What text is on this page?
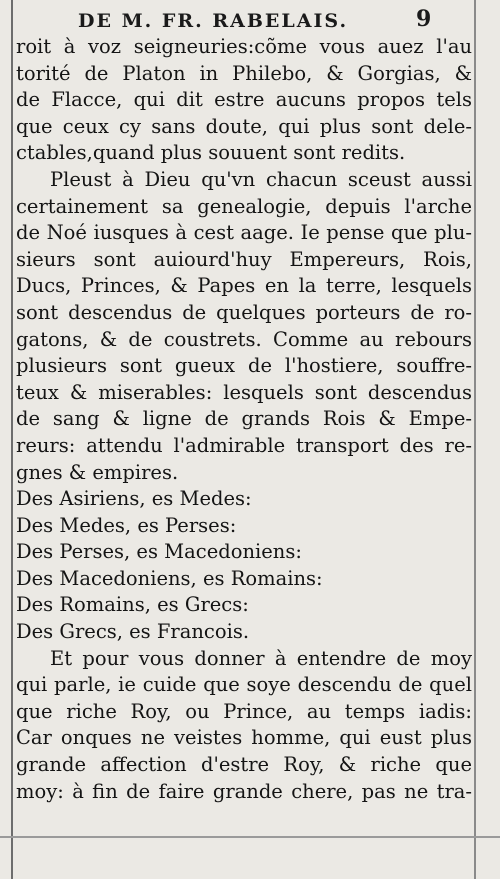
DE M. FR. RABELAIS.	9
roit à voz seigneuries:cõme vous auez l'au
torité de Platon in Philebo, & Gorgias, &
de Flacce, qui dit estre aucuns propos tels
que ceux cy sans doute, qui plus sont dele-
ctables,quand plus souuent sont redits.
Pleust à Dieu qu'vn chacun sceust aussi
certainement sa genealogie, depuis l'arche
de Noé iusques à cest aage. Ie pense que plu-
sieurs sont auiourd'huy Empereurs, Rois,
Ducs, Princes, & Papes en la terre, lesquels
sont descendus de quelques porteurs de ro-
gatons, & de coustrets. Comme au rebours
plusieurs sont gueux de l'hostiere, souffre-
teux & miserables: lesquels sont descendus
de sang & ligne de grands Rois & Empe-
reurs: attendu l'admirable transport des re-
gnes & empires.
Des Asiriens, es Medes:
Des Medes, es Perses:
Des Perses, es Macedoniens:
Des Macedoniens, es Romains:
Des Romains, es Grecs:
Des Grecs, es Francois.
Et pour vous donner à entendre de moy
qui parle, ie cuide que soye descendu de quel
que riche Roy, ou Prince, au temps iadis:
Car onques ne veistes homme, qui eust plus
grande affection d'estre Roy, & riche que
moy: à fin de faire grande chere, pas ne tra-
